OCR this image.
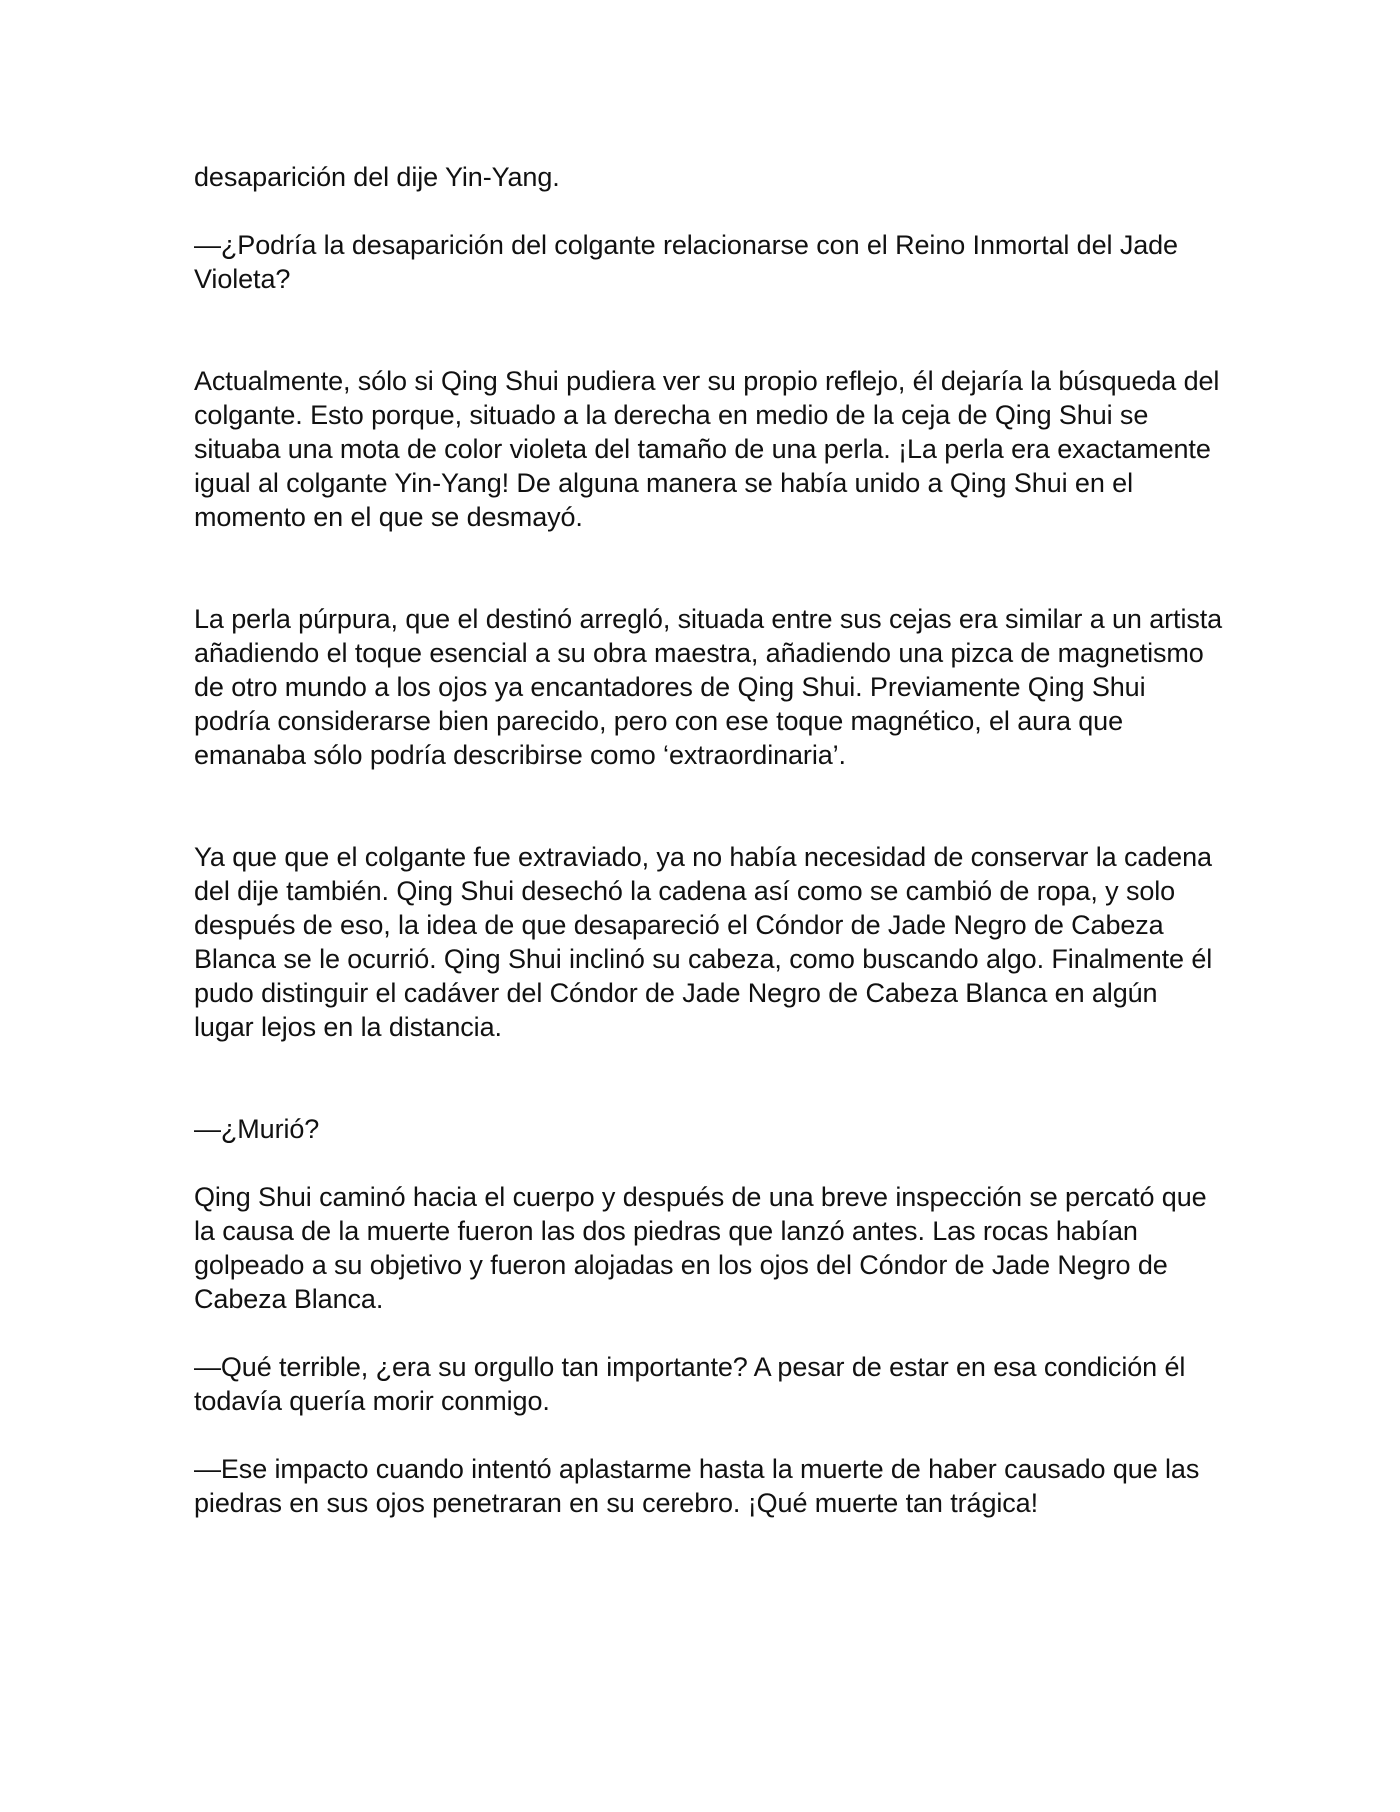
desaparición del dije Yin-Yang.

—¿Podría la desaparición del colgante relacionarse con el Reino Inmortal del Jade Violeta?

Actualmente, sólo si Qing Shui pudiera ver su propio reflejo, él dejaría la búsqueda del colgante. Esto porque, situado a la derecha en medio de la ceja de Qing Shui se situaba una mota de color violeta del tamaño de una perla. ¡La perla era exactamente igual al colgante Yin-Yang! De alguna manera se había unido a Qing Shui en el momento en el que se desmayó.

La perla púrpura, que el destinó arregló, situada entre sus cejas era similar a un artista añadiendo el toque esencial a su obra maestra, añadiendo una pizca de magnetismo de otro mundo a los ojos ya encantadores de Qing Shui. Previamente Qing Shui podría considerarse bien parecido, pero con ese toque magnético, el aura que emanaba sólo podría describirse como ‘extraordinaria’.

Ya que que el colgante fue extraviado, ya no había necesidad de conservar la cadena del dije también. Qing Shui desechó la cadena así como se cambió de ropa, y solo después de eso, la idea de que desapareció el Cóndor de Jade Negro de Cabeza Blanca se le ocurrió. Qing Shui inclinó su cabeza, como buscando algo. Finalmente él pudo distinguir el cadáver del Cóndor de Jade Negro de Cabeza Blanca en algún lugar lejos en la distancia.

—¿Murió?

Qing Shui caminó hacia el cuerpo y después de una breve inspección se percató que la causa de la muerte fueron las dos piedras que lanzó antes. Las rocas habían golpeado a su objetivo y fueron alojadas en los ojos del Cóndor de Jade Negro de Cabeza Blanca.

—Qué terrible, ¿era su orgullo tan importante? A pesar de estar en esa condición él todavía quería morir conmigo.

—Ese impacto cuando intentó aplastarme hasta la muerte de haber causado que las piedras en sus ojos penetraran en su cerebro. ¡Qué muerte tan trágica!
